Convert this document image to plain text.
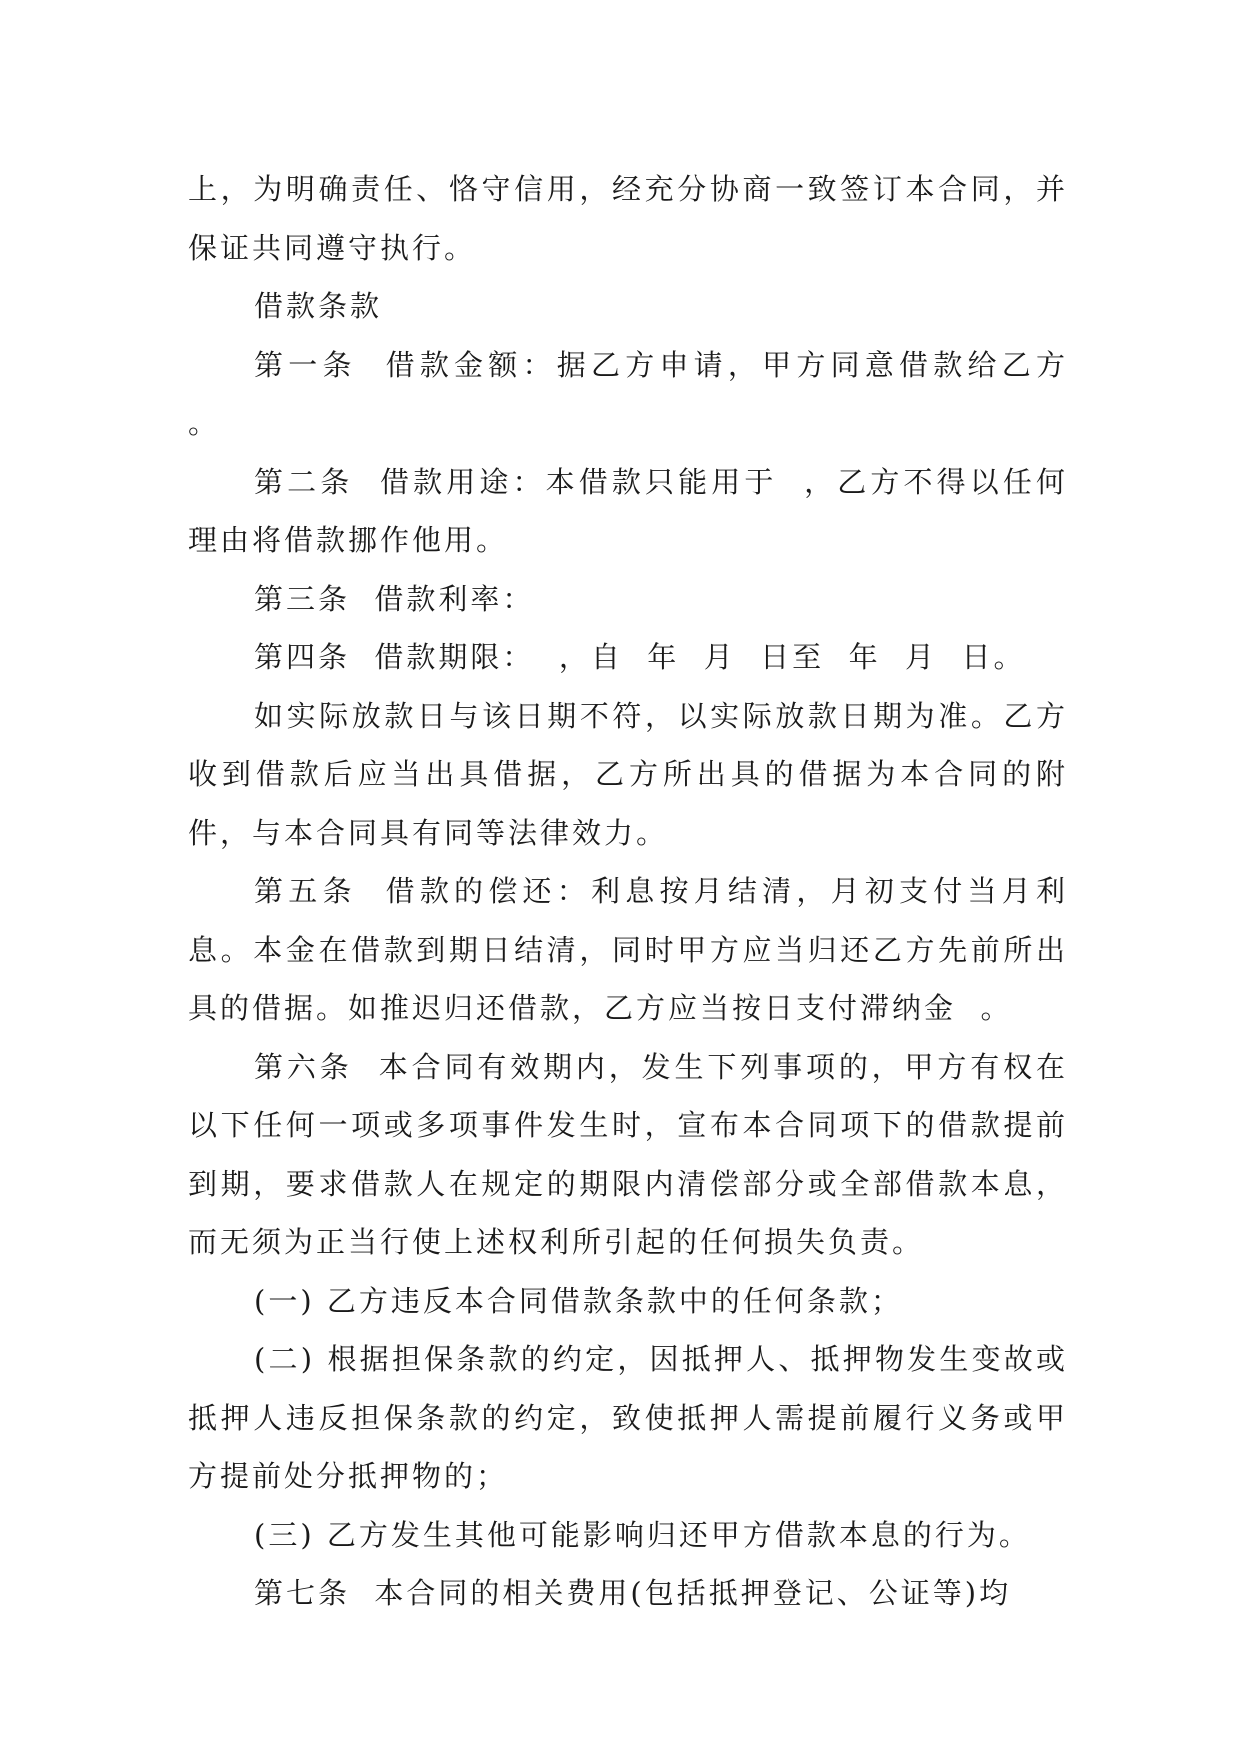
上，为明确责任、恪守信用，经充分协商一致签订本合同，并保证共同遵守执行。

借款条款

第一条  借款金额：据乙方申请，甲方同意借款给乙方  。

第二条  借款用途：本借款只能用于  ，乙方不得以任何理由将借款挪作他用。

第三条  借款利率：

第四条  借款期限：  ，自  年  月  日至  年  月  日。

如实际放款日与该日期不符，以实际放款日期为准。乙方收到借款后应当出具借据，乙方所出具的借据为本合同的附件，与本合同具有同等法律效力。

第五条  借款的偿还：利息按月结清，月初支付当月利息。本金在借款到期日结清，同时甲方应当归还乙方先前所出具的借据。如推迟归还借款，乙方应当按日支付滞纳金  。

第六条  本合同有效期内，发生下列事项的，甲方有权在以下任何一项或多项事件发生时，宣布本合同项下的借款提前到期，要求借款人在规定的期限内清偿部分或全部借款本息，而无须为正当行使上述权利所引起的任何损失负责。

(一) 乙方违反本合同借款条款中的任何条款；

(二) 根据担保条款的约定，因抵押人、抵押物发生变故或抵押人违反担保条款的约定，致使抵押人需提前履行义务或甲方提前处分抵押物的；

(三) 乙方发生其他可能影响归还甲方借款本息的行为。

第七条  本合同的相关费用(包括抵押登记、公证等)均
